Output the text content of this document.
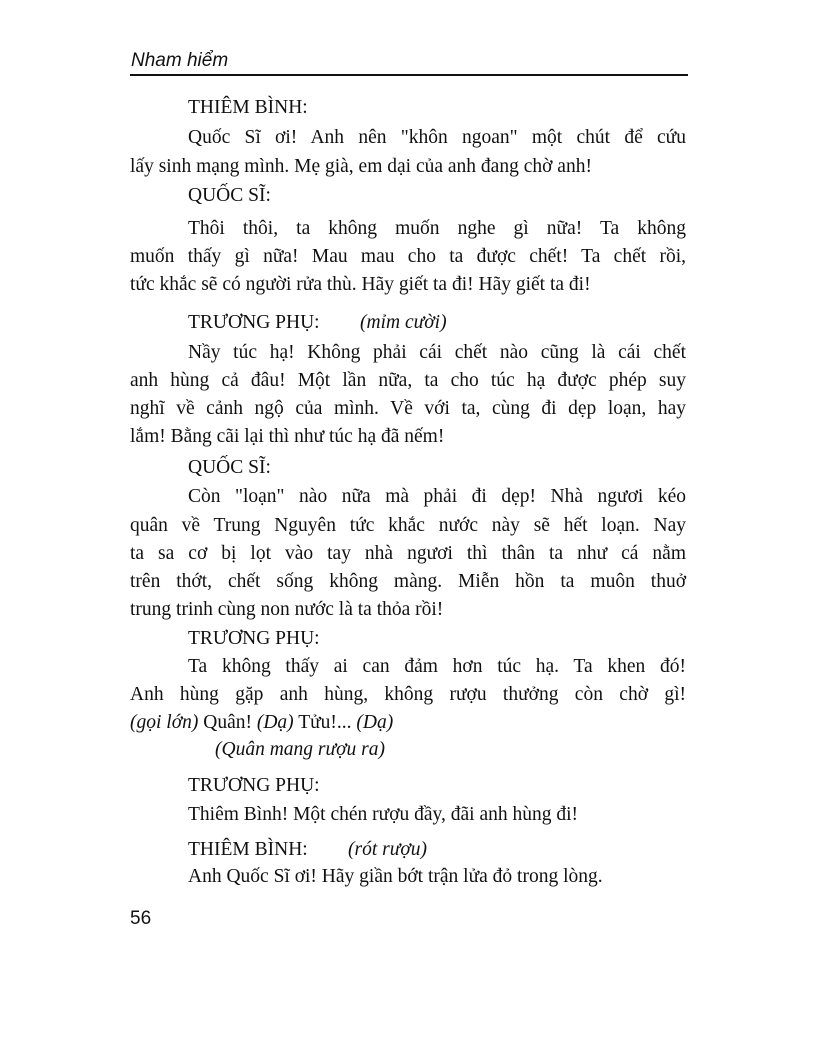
Nham hiểm
THIÊM BÌNH:
Quốc Sĩ ơi! Anh nên "khôn ngoan" một chút để cứu
lấy sinh mạng mình. Mẹ già, em dại của anh đang chờ anh!
QUỐC SĨ:
Thôi thôi, ta không muốn nghe gì nữa! Ta không
muốn thấy gì nữa! Mau mau cho ta được chết! Ta chết rồi,
tức khắc sẽ có người rửa thù. Hãy giết ta đi! Hãy giết ta đi!
TRƯƠNG PHỤ: (mỉm cười)
Nầy túc hạ! Không phải cái chết nào cũng là cái chết
anh hùng cả đâu! Một lần nữa, ta cho túc hạ được phép suy
nghĩ về cảnh ngộ của mình. Về với ta, cùng đi dẹp loạn, hay
lắm! Bằng cãi lại thì như túc hạ đã nếm!
QUỐC SĨ:
Còn "loạn" nào nữa mà phải đi dẹp! Nhà ngươi kéo
quân về Trung Nguyên tức khắc nước này sẽ hết loạn. Nay
ta sa cơ bị lọt vào tay nhà ngươi thì thân ta như cá nằm
trên thớt, chết sống không màng. Miễn hồn ta muôn thuở
trung trinh cùng non nước là ta thỏa rồi!
TRƯƠNG PHỤ:
Ta không thấy ai can đảm hơn túc hạ. Ta khen đó!
Anh hùng gặp anh hùng, không rượu thưởng còn chờ gì!
(gọi lớn) Quân! (Dạ) Tửu!... (Dạ)
(Quân mang rượu ra)
TRƯƠNG PHỤ:
Thiêm Bình! Một chén rượu đầy, đãi anh hùng đi!
THIÊM BÌNH: (rót rượu)
Anh Quốc Sĩ ơi! Hãy giần bớt trận lửa đỏ trong lòng.
56
